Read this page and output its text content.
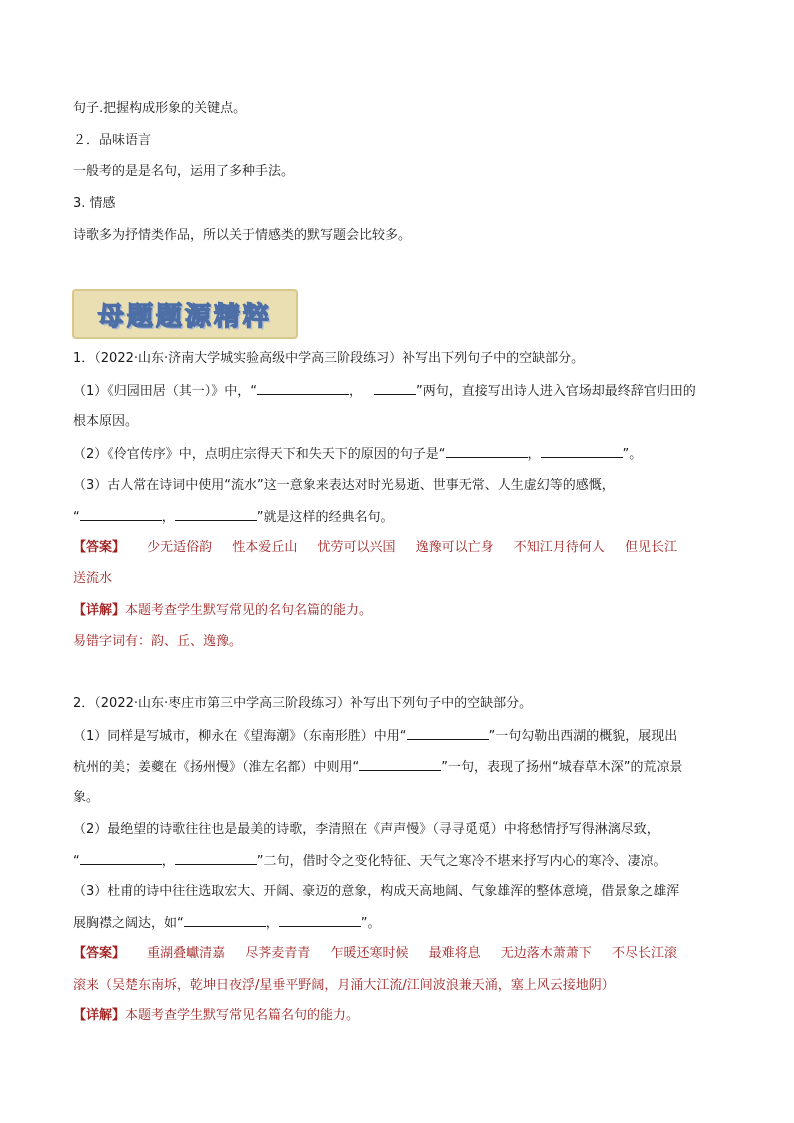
句子.把握构成形象的关键点。
２．品味语言
一般考的是是名句，运用了多种手法。
3. 情感
诗歌多为抒情类作品，所以关于情感类的默写题会比较多。
母题题源精粹
1．（2022·山东·济南大学城实验高级中学高三阶段练习）补写出下列句子中的空缺部分。
（1）《归园田居（其一）》中，“	，	”两句，直接写出诗人进入官场却最终辞官归田的
根本原因。
（2）《伶官传序》中，点明庄宗得天下和失天下的原因的句子是“	，	”。
（3）古人常在诗词中使用“流水”这一意象来表达对时光易逝、世事无常、人生虚幻等的感慨，
“	，	”就是这样的经典名句。
【答案】 少无适俗韵 性本爱丘山 忧劳可以兴国 逸豫可以亡身 不知江月待何人 但见长江
送流水
【详解】本题考查学生默写常见的名句名篇的能力。
易错字词有：韵、丘、逸豫。
2．（2022·山东·枣庄市第三中学高三阶段练习）补写出下列句子中的空缺部分。
（1）同样是写城市，柳永在《望海潮》（东南形胜）中用“	”一句勾勒出西湖的概貌，展现出
杭州的美；姜夔在《扬州慢》（淮左名都）中则用“	”一句，表现了扬州“城春草木深”的荒凉景
象。
（2）最绝望的诗歌往往也是最美的诗歌，李清照在《声声慢》（寻寻觅觅）中将愁情抒写得淋漓尽致，
“	，	”二句，借时令之变化特征、天气之寒冷不堪来抒写内心的寒冷、凄凉。
（3）杜甫的诗中往往选取宏大、开阔、豪迈的意象，构成天高地阔、气象雄浑的整体意境，借景象之雄浑
展胸襟之阔达，如“	，	”。
【答案】 重湖叠巘清嘉 尽荠麦青青 乍暖还寒时候 最难将息 无边落木萧萧下 不尽长江滚
滚来（吴楚东南坼，乾坤日夜浮/星垂平野阔，月涌大江流/江间波浪兼天涌，塞上风云接地阴）
【详解】本题考查学生默写常见名篇名句的能力。
